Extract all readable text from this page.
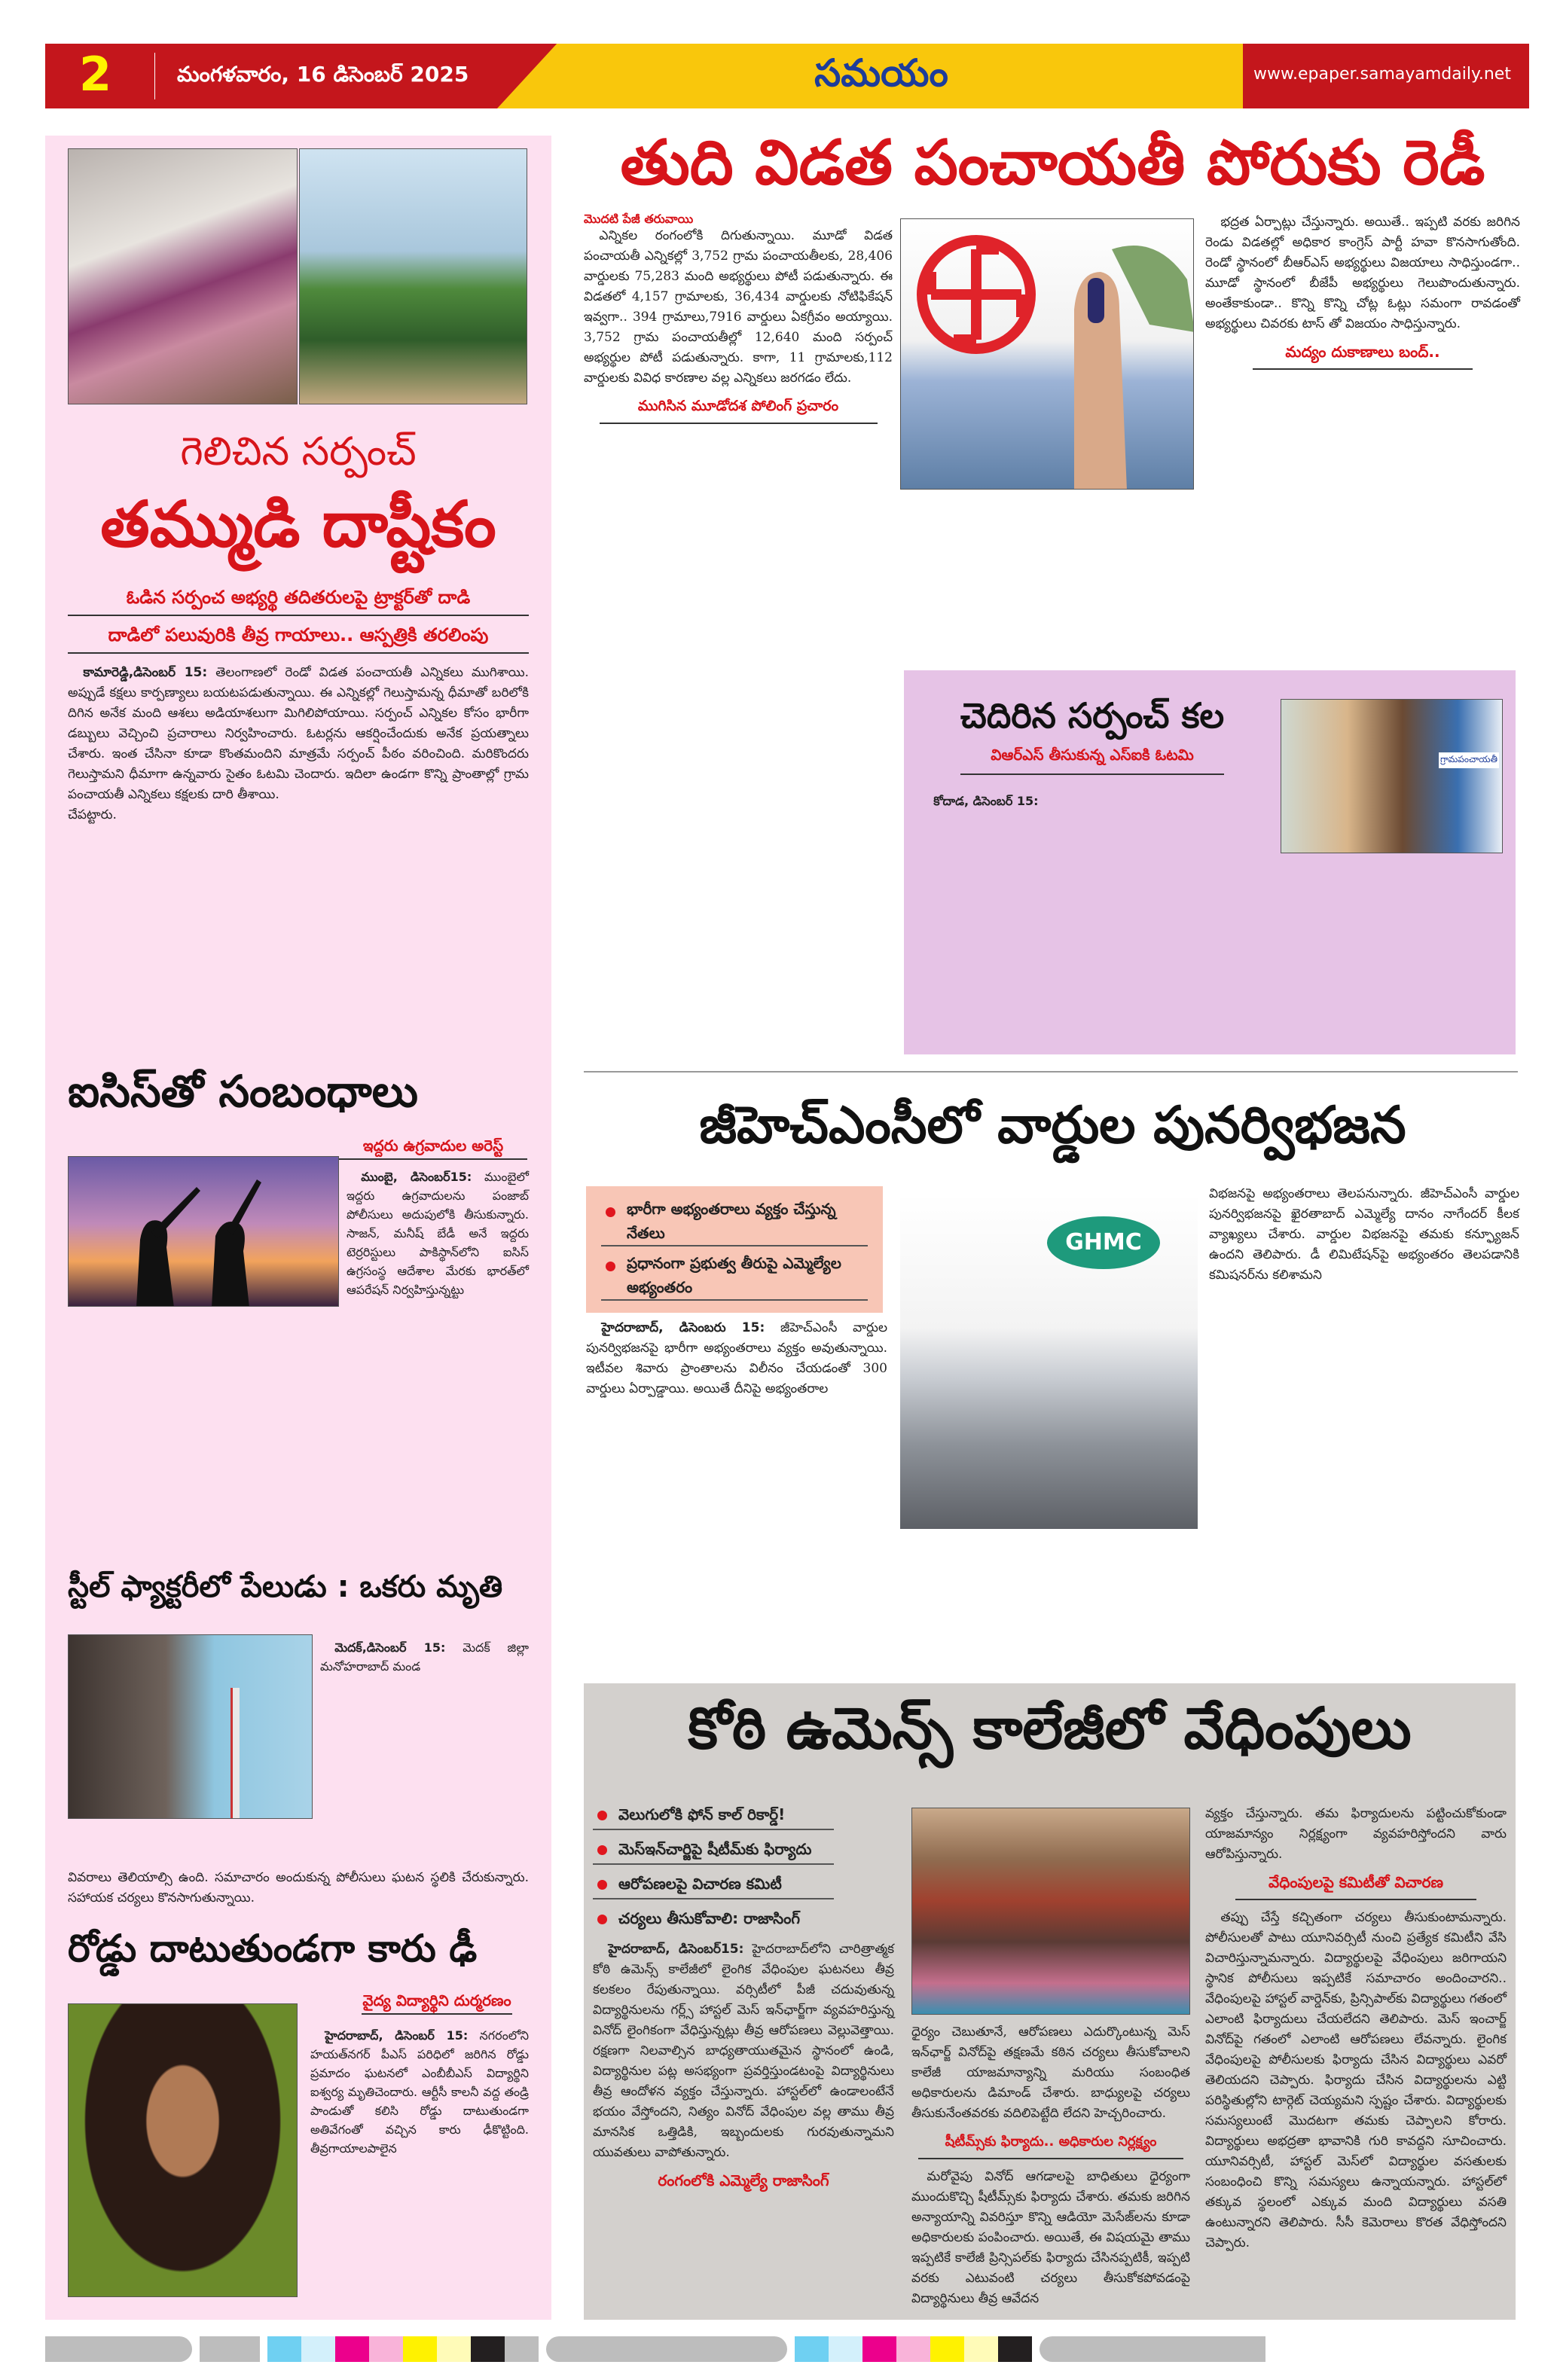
2	మంగళవారం, 16 డిసెంబర్ 2025	సమయం	www.epaper.samayamdaily.net
గెలిచిన సర్పంచ్
తమ్ముడి దాష్టీకం
ఓడిన సర్పంచ అభ్యర్థి తదితరులపై ట్రాక్టర్‌తో దాడి
దాడిలో పలువురికి తీవ్ర గాయాలు.. ఆస్పత్రికి తరలింపు

కామారెడ్డి,డిసెంబర్ 15: తెలంగాణలో రెండో విడత పంచాయతీ ఎన్నికలు ముగిశాయి. అప్పుడే కక్షలు కార్పణ్యాలు బయటపడుతున్నాయి. ఈ ఎన్నికల్లో గెలుస్తామన్న ధీమాతో బరిలోకి దిగిన అనేక మంది ఆశలు అడియాశలుగా మిగిలిపోయాయి. సర్పంచ్ ఎన్నికల కోసం భారీగా డబ్బులు వెచ్చించి ప్రచారాలు నిర్వహించారు. ఓటర్లను ఆకర్షించేందుకు అనేక ప్రయత్నాలు చేశారు. ఇంత చేసినా కూడా కొంతమందిని మాత్రమే సర్పంచ్ పీఠం వరించింది. మరికొందరు గెలుస్తామని ధీమాగా ఉన్నవారు సైతం ఓటమి చెందారు. ఇదిలా ఉండగా కొన్ని ప్రాంతాల్లో గ్రామ పంచాయతీ ఎన్నికలు కక్షలకు దారి తీశాయి.

చేపట్టారు.

ఐసిస్‌తో సంబంధాలు
ఇద్దరు ఉగ్రవాదుల అరెస్ట్

ముంబై, డిసెంబర్15: ముంబైలో ఇద్దరు ఉగ్రవాదులను పంజాబ్ పోలీసులు అదుపులోకి తీసుకున్నారు. సాజన్, మనీష్ బేడీ అనే ఇద్దరు టెర్రరిస్టులు పాకిస్థాన్‌లోని ఐసిస్ ఉగ్రసంస్థ ఆదేశాల మేరకు భారత్‌లో ఆపరేషన్ నిర్వహిస్తున్నట్టు

స్టీల్ ఫ్యాక్టరీలో పేలుడు : ఒకరు మృతి

మెదక్,డిసెంబర్ 15: మెదక్ జిల్లా మనోహరాబాద్ మండ

వివరాలు తెలియాల్సి ఉంది. సమాచారం అందుకున్న పోలీసులు ఘటన స్థలికి చేరుకున్నారు. సహాయక చర్యలు కొనసాగుతున్నాయి.
రోడ్డు దాటుతుండగా కారు ఢీ
వైద్య విద్యార్థిని దుర్మరణం

హైదరాబాద్, డిసెంబర్ 15: నగరంలోని హయత్‌నగర్ పీఎస్ పరిధిలో జరిగిన రోడ్డు ప్రమాదం ఘటనలో ఎంబీబీఎస్ విద్యార్థిని ఐశ్వర్య మృతిచెందారు. ఆర్టీసీ కాలనీ వద్ద తండ్రి పాండుతో కలిసి రోడ్డు దాటుతుండగా అతివేగంతో వచ్చిన కారు ఢీకొట్టింది. తీవ్రగాయాలపాలైన

తుది విడత పంచాయతీ పోరుకు రెడీ
మొదటి పేజీ తరువాయి

ఎన్నికల రంగంలోకి దిగుతున్నాయి. మూడో విడత పంచాయతీ ఎన్నికల్లో 3,752 గ్రామ పంచాయతీలకు, 28,406 వార్డులకు 75,283 మంది అభ్యర్థులు పోటీ పడుతున్నారు. ఈ విడతలో 4,157 గ్రామాలకు, 36,434 వార్డులకు నోటిఫికేషన్ ఇవ్వగా.. 394 గ్రామాలు,7916 వార్డులు ఏకగ్రీవం అయ్యాయి. 3,752 గ్రామ పంచాయతీల్లో 12,640 మంది సర్పంచ్ అభ్యర్థుల పోటీ పడుతున్నారు. కాగా, 11 గ్రామాలకు,112 వార్డులకు వివిధ కారణాల వల్ల ఎన్నికలు జరగడం లేదు.

ముగిసిన మూడోదశ పోలింగ్ ప్రచారం

భద్రత ఏర్పాట్లు చేస్తున్నారు. అయితే.. ఇప్పటి వరకు జరిగిన రెండు విడతల్లో అధికార కాంగ్రెస్ పార్టీ హవా కొనసాగుతోంది. రెండో స్థానంలో బీఆర్ఎస్ అభ్యర్థులు విజయాలు సాధిస్తుండగా.. మూడో స్థానంలో బీజేపీ అభ్యర్థులు గెలుపొందుతున్నారు. అంతేకాకుండా.. కొన్ని కొన్ని చోట్ల ఓట్లు సమంగా రావడంతో అభ్యర్థులు చివరకు టాస్ తో విజయం సాధిస్తున్నారు.

మద్యం దుకాణాలు బంద్..
చెదిరిన సర్పంచ్ కల
విఆర్ఎస్ తీసుకున్న ఎస్ఐకి ఓటమి

కోదాడ, డిసెంబర్ 15:

గ్రామపంచాయతీ
జీహెచ్ఎంసీలో వార్డుల పునర్విభజన
భారీగా అభ్యంతరాలు వ్యక్తం చేస్తున్న నేతలు
ప్రధానంగా ప్రభుత్వ తీరుపై ఎమ్మెల్యేల అభ్యంతరం

హైదరాబాద్, డిసెంబరు 15: జీహెచ్ఎంసీ వార్డుల పునర్విభజనపై భారీగా అభ్యంతరాలు వ్యక్తం అవుతున్నాయి. ఇటీవల శివారు ప్రాంతాలను విలీనం చేయడంతో 300 వార్డులు ఏర్పాడ్డాయి. అయితే దీనిపై అభ్యంతరాల

GHMC

విభజనపై అభ్యంతరాలు తెలపనున్నారు. జీహెచ్ఎంసీ వార్డుల పునర్విభజనపై ఖైరతాబాద్ ఎమ్మెల్యే దానం నాగేందర్ కీలక వ్యాఖ్యలు చేశారు. వార్డుల విభజనపై తమకు కన్ఫ్యూజన్ ఉందని తెలిపారు. డీ లిమిటేషన్‌పై అభ్యంతరం తెలపడానికి కమిషనర్‌ను కలిశామని

కోఠి ఉమెన్స్ కాలేజీలో వేధింపులు
వెలుగులోకి ఫోన్ కాల్ రికార్డ్!
మెస్‌ఇన్‌చార్జిపై షీటీమ్‌కు ఫిర్యాదు
ఆరోపణలపై విచారణ కమిటీ
చర్యలు తీసుకోవాలి: రాజాసింగ్

హైదరాబాద్, డిసెంబర్15: హైదరాబాద్‌లోని చారిత్రాత్మక కోఠి ఉమెన్స్ కాలేజీలో లైంగిక వేధింపుల ఘటనలు తీవ్ర కలకలం రేపుతున్నాయి. వర్సిటీలో పీజీ చదువుతున్న విద్యార్థినులను గర్ల్స్ హాస్టల్ మెస్ ఇన్‌ఛార్జ్‌గా వ్యవహరిస్తున్న వినోద్ లైంగికంగా వేధిస్తున్నట్లు తీవ్ర ఆరోపణలు వెల్లువెత్తాయి. రక్షణగా నిలవాల్సిన బాధ్యతాయుతమైన స్థానంలో ఉండి, విద్యార్థినుల పట్ల అసభ్యంగా ప్రవర్తిస్తుండటంపై విద్యార్థినులు తీవ్ర ఆందోళన వ్యక్తం చేస్తున్నారు. హాస్టల్‌లో ఉండాలంటేనే భయం వేస్తోందని, నిత్యం వినోద్ వేధింపుల వల్ల తాము తీవ్ర మానసిక ఒత్తిడికి, ఇబ్బందులకు గురవుతున్నామని యువతులు వాపోతున్నారు.

రంగంలోకి ఎమ్మెల్యే రాజాసింగ్

ధైర్యం చెబుతూనే, ఆరోపణలు ఎదుర్కొంటున్న మెస్ ఇన్‌ఛార్జ్ వినోద్‌పై తక్షణమే కఠిన చర్యలు తీసుకోవాలని కాలేజీ యాజమాన్యాన్ని మరియు సంబంధిత అధికారులను డిమాండ్ చేశారు. బాధ్యులపై చర్యలు తీసుకునేంతవరకు వదిలిపెట్టేది లేదని హెచ్చరించారు.

షీటీమ్స్‌కు ఫిర్యాదు.. అధికారుల నిర్లక్ష్యం

మరోవైపు వినోద్ ఆగడాలపై బాధితులు ధైర్యంగా ముందుకొచ్చి షీటీమ్స్‌కు ఫిర్యాదు చేశారు. తమకు జరిగిన అన్యాయాన్ని వివరిస్తూ కొన్ని ఆడియో మెసేజ్‌లను కూడా అధికారులకు పంపించారు. అయితే, ఈ విషయమై తాము ఇప్పటికే కాలేజీ ప్రిన్సిపల్‌కు ఫిర్యాదు చేసినప్పటికీ, ఇప్పటి వరకు ఎటువంటి చర్యలు తీసుకోకపోవడంపై విద్యార్థినులు తీవ్ర ఆవేదన

వ్యక్తం చేస్తున్నారు. తమ ఫిర్యాదులను పట్టించుకోకుండా యాజమాన్యం నిర్లక్ష్యంగా వ్యవహరిస్తోందని వారు ఆరోపిస్తున్నారు.

వేధింపులపై కమిటీతో విచారణ

తప్పు చేస్తే కచ్చితంగా చర్యలు తీసుకుంటామన్నారు. పోలీసులతో పాటు యూనివర్సిటీ నుంచి ప్రత్యేక కమిటీని వేసి విచారిస్తున్నామన్నారు. విద్యార్థులపై వేధింపులు జరిగాయని స్థానిక పోలీసులు ఇప్పటికే సమాచారం అందించారని.. వేధింపులపై హాస్టల్ వార్డెన్‌కు, ప్రిన్సిపాల్‌కు విద్యార్థులు గతంలో ఎలాంటి ఫిర్యాదులు చేయలేదని తెలిపారు. మెస్ ఇంచార్జ్ వినోద్‌పై గతంలో ఎలాంటి ఆరోపణలు లేవన్నారు. లైంగిక వేధింపులపై పోలీసులకు ఫిర్యాదు చేసిన విద్యార్థులు ఎవరో తెలియదని చెప్పారు. ఫిర్యాదు చేసిన విద్యార్థులను ఎట్టి పరిస్థితుల్లోని టార్గెట్ చెయ్యమని స్పష్టం చేశారు. విద్యార్థులకు సమస్యలుంటే మొదటగా తమకు చెప్పాలని కోరారు. విద్యార్థులు అభద్రతా భావానికి గురి కావద్దని సూచించారు. యూనివర్సిటీ, హాస్టల్ మెస్‌లో విద్యార్థుల వసతులకు సంబంధించి కొన్ని సమస్యలు ఉన్నాయన్నారు. హాస్టల్‌లో తక్కువ స్థలంలో ఎక్కువ మంది విద్యార్థులు వసతి ఉంటున్నారని తెలిపారు. సీసీ కెమెరాలు కొరత వేధిస్తోందని చెప్పారు.
